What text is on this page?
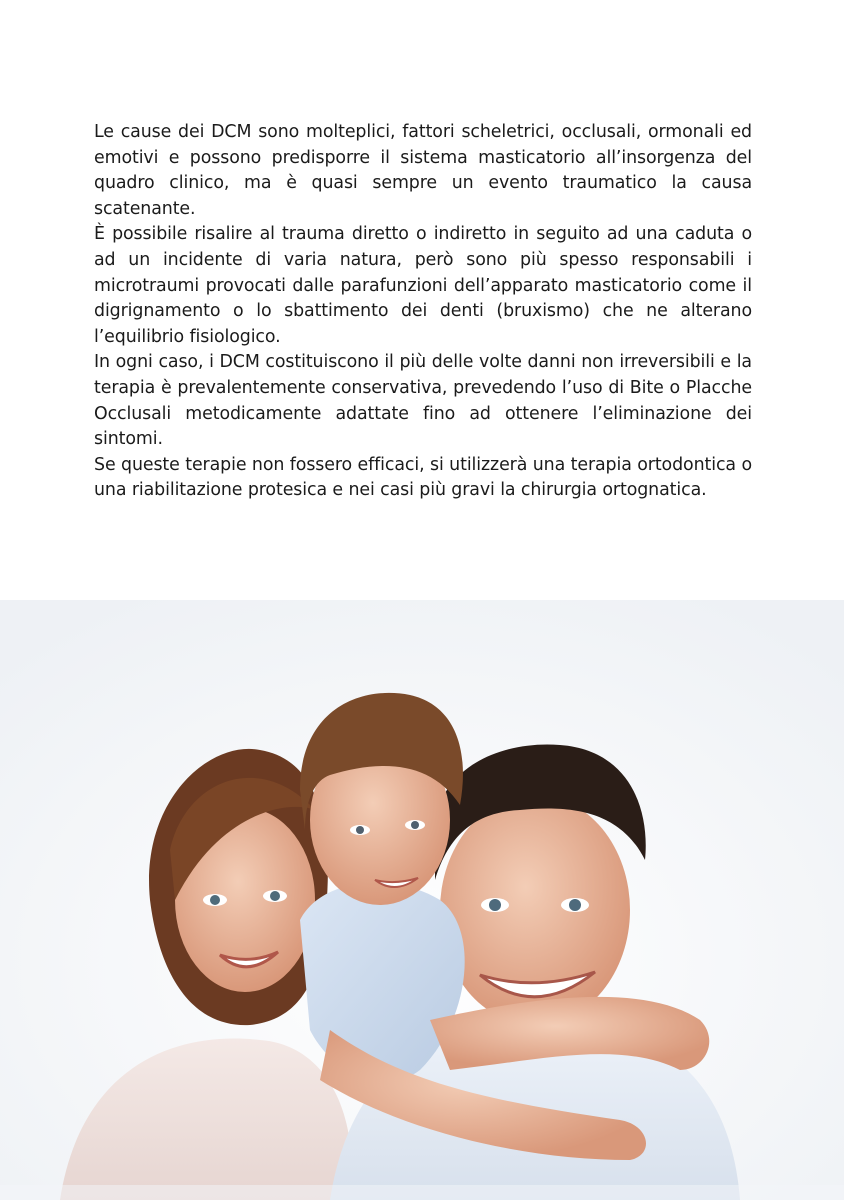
Le cause dei DCM sono molteplici, fattori scheletrici, occlusali, ormonali ed emotivi e possono predisporre il sistema masticatorio all’insorgenza del quadro clinico, ma è quasi sempre un evento traumatico la causa scatenante.

È possibile risalire al trauma diretto o indiretto in seguito ad una caduta o ad un incidente di varia natura, però sono più spesso responsabili i microtraumi provocati dalle parafunzioni dell’apparato masticatorio come il digrignamento o lo sbattimento dei denti (bruxismo) che ne alterano l’equilibrio fisiologico.

In ogni caso, i DCM costituiscono il più delle volte danni non irreversibili e la terapia è prevalentemente conservativa, prevedendo l’uso di Bite o Placche Occlusali metodicamente adattate fino ad ottenere l’eliminazione dei sintomi.

Se queste terapie non fossero efficaci, si utilizzerà una terapia ortodontica o una riabilitazione protesica e nei casi più gravi la chirurgia ortognatica.
